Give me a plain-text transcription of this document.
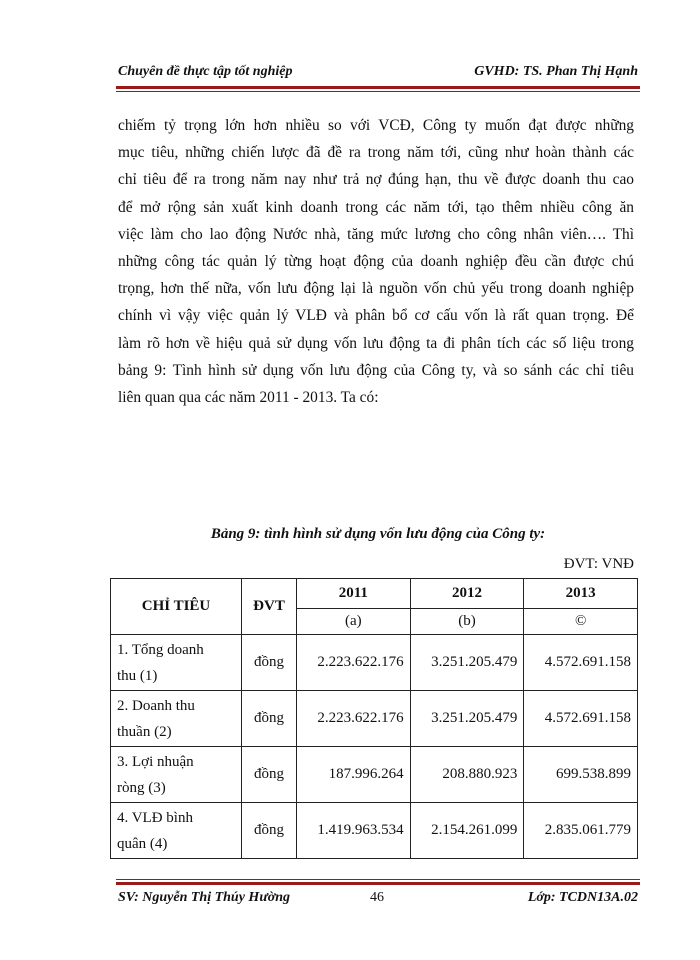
Chuyên đề thực tập tốt nghiệp	GVHD: TS. Phan Thị Hạnh
chiếm tỷ trọng lớn hơn nhiều so với VCĐ, Công ty muốn đạt được những
mục tiêu, những chiến lược đã đề ra trong năm tới, cũng như hoàn thành các
chỉ tiêu để ra trong năm nay như trả nợ đúng hạn, thu về được doanh thu cao
để mở rộng sản xuất kinh doanh trong các năm tới, tạo thêm nhiều công ăn
việc làm cho lao động Nước nhà, tăng mức lương cho công nhân viên…. Thì
những công tác quản lý từng hoạt động của doanh nghiệp đều cần được chú
trọng, hơn thế nữa, vốn lưu động lại là nguồn vốn chủ yếu trong doanh nghiệp
chính vì vậy việc quản lý VLĐ và phân bổ cơ cấu vốn là rất quan trọng. Để
làm rõ hơn về hiệu quả sử dụng vốn lưu động ta đi phân tích các số liệu trong
bảng 9: Tình hình sử dụng vốn lưu động của Công ty, và so sánh các chỉ tiêu
liên quan qua các năm 2011 - 2013. Ta có:
Bảng 9: tình hình sử dụng vốn lưu động của Công ty:
ĐVT: VNĐ
CHỈ TIÊU	ĐVT	2011	2012	2013
		(a)	(b)	©
1. Tổng doanh
thu (1)	đồng	2.223.622.176	3.251.205.479	4.572.691.158
2. Doanh thu
thuần (2)	đồng	2.223.622.176	3.251.205.479	4.572.691.158
3. Lợi nhuận
ròng (3)	đồng	187.996.264	208.880.923	699.538.899
4. VLĐ bình
quân (4)	đồng	1.419.963.534	2.154.261.099	2.835.061.779
SV: Nguyễn Thị Thúy Hường	46	Lớp: TCDN13A.02
